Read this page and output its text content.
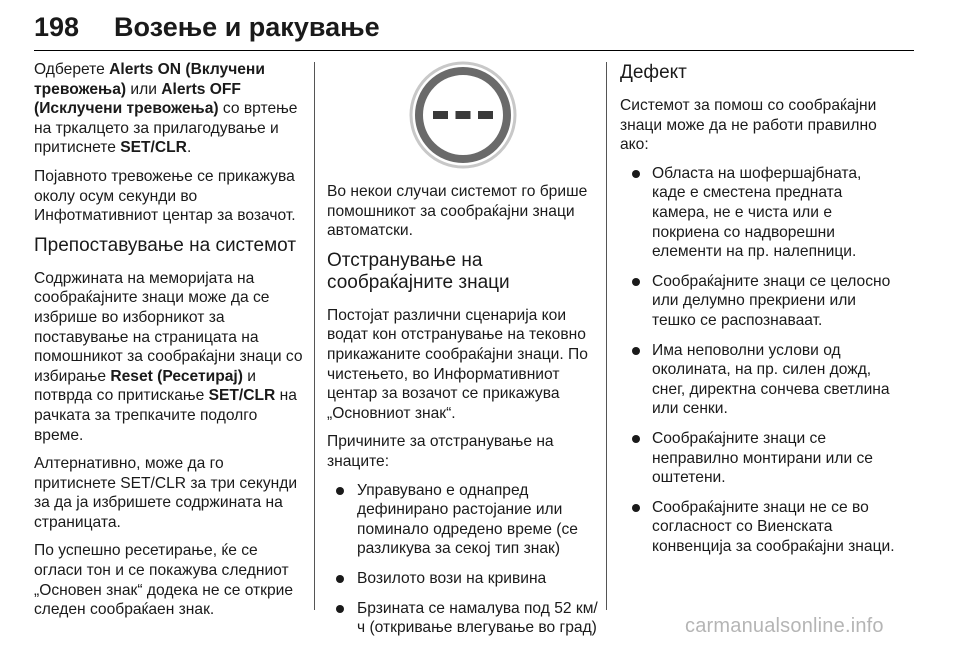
198 Возење и ракување

Одберете Alerts ON (Вклучени тревожења) или Alerts OFF (Исклучени тревожења) со вртење на тркалцето за прилагодување и притиснете SET/CLR.

Појавното тревожење се прикажува околу осум секунди во Инфотмативниот центар за возачот.

Препоставување на системот

Содржината на меморијата на сообраќајните знаци може да се избрише во изборникот за поставување на страницата на помошникот за сообраќајни знаци со избирање Reset (Ресетирај) и потврда со притискање SET/CLR на рачката за трепкачите подолго време.

Алтернативно, може да го притиснете SET/CLR за три секунди за да ја избришете содржината на страницата.

По успешно ресетирање, ќе се огласи тон и се покажува следниот „Основен знак“ додека не се открие следен сообраќаен знак.

Во некои случаи системот го брише помошникот за сообраќајни знаци автоматски.

Отстранување на сообраќајните знаци

Постојат различни сценарија кои водат кон отстранување на тековно прикажаните сообраќајни знаци. По чистењето, во Информативниот центар за возачот се прикажува „Основниот знак“.

Причините за отстранување на знаците:

Управувано е однапред дефинирано растојание или поминало одредено време (се разликува за секој тип знак)
Возилото вози на кривина
Брзината се намалува под 52 км/ч (откривање влегување во град)
Дефект

Системот за помош со сообраќајни знаци може да не работи правилно ако:

Областа на шофершајбната, каде е сместена предната камера, не е чиста или е покриена со надворешни елементи на пр. налепници.
Сообраќајните знаци се целосно или делумно прекриени или тешко се распознаваат.
Има неповолни услови од околината, на пр. силен дожд, снег, директна сончева светлина или сенки.
Сообраќајните знаци се неправилно монтирани или се оштетени.
Сообраќајните знаци не се во согласност со Виенската конвенција за сообраќајни знаци.
carmanualsonline.info
